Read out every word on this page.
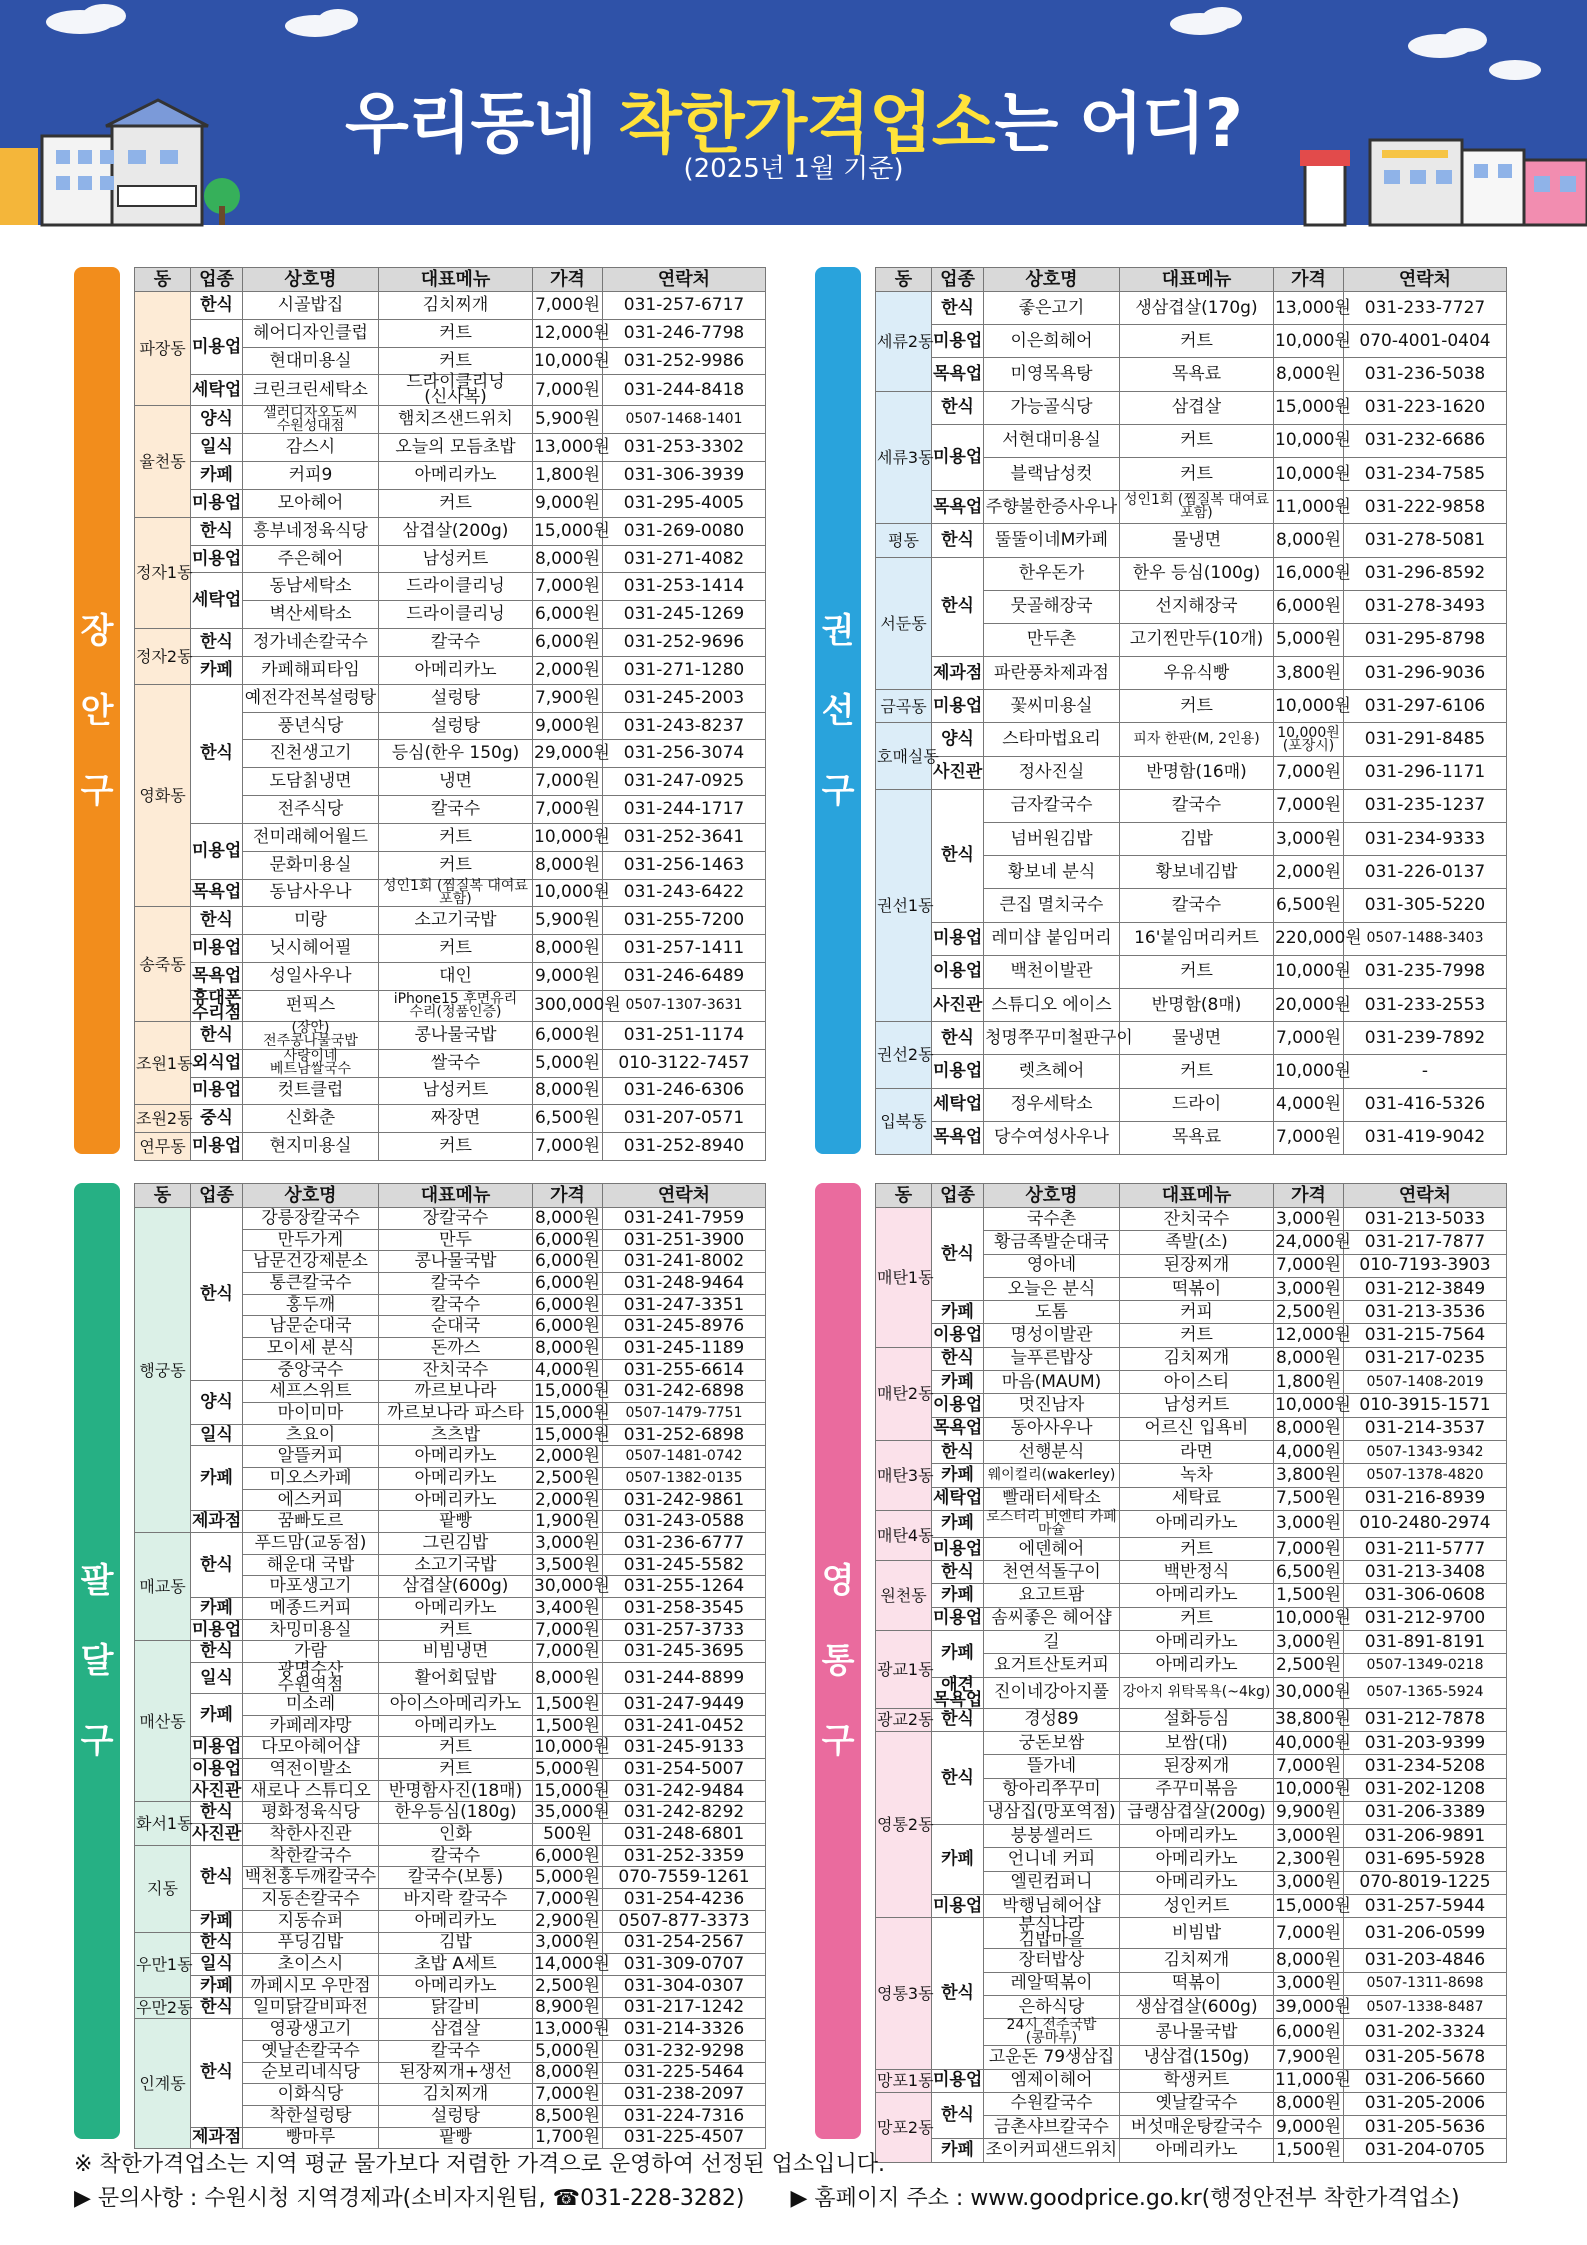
우리동네 착한가격업소는 어디?
(2025년 1월 기준)
장
안
구
동	업종	상호명	대표메뉴	가격	연락처
파장동	한식	시골밥집	김치찌개	7,000원	031-257-6717
	미용업	헤어디자인클럽	커트	12,000원	031-246-7798
		현대미용실	커트	10,000원	031-252-9986
	세탁업	크린크린세탁소	드라이클리닝(신사복)	7,000원	031-244-8418
율천동	양식	샐러디자오도씨 수원성대점	햄치즈샌드위치	5,900원	0507-1468-1401
	일식	감스시	오늘의 모듬초밥	13,000원	031-253-3302
	카페	커피9	아메리카노	1,800원	031-306-3939
	미용업	모아헤어	커트	9,000원	031-295-4005
정자1동	한식	흥부네정육식당	삼겹살(200g)	15,000원	031-269-0080
	미용업	주은헤어	남성커트	8,000원	031-271-4082
	세탁업	동남세탁소	드라이클리닝	7,000원	031-253-1414
		벽산세탁소	드라이클리닝	6,000원	031-245-1269
정자2동	한식	정가네손칼국수	칼국수	6,000원	031-252-9696
	카페	카페해피타임	아메리카노	2,000원	031-271-1280
영화동	한식	예전각전복설렁탕	설렁탕	7,900원	031-245-2003
		풍년식당	설렁탕	9,000원	031-243-8237
		진천생고기	등심(한우 150g)	29,000원	031-256-3074
		도담칡냉면	냉면	7,000원	031-247-0925
		전주식당	칼국수	7,000원	031-244-1717
	미용업	전미래헤어월드	커트	10,000원	031-252-3641
		문화미용실	커트	8,000원	031-256-1463
	목욕업	동남사우나	성인1회 (찜질복 대여료 포함)	10,000원	031-243-6422
송죽동	한식	미랑	소고기국밥	5,900원	031-255-7200
	미용업	닛시헤어필	커트	8,000원	031-257-1411
	목욕업	성일사우나	대인	9,000원	031-246-6489
	휴대폰 수리점	펀픽스	iPhone15 후면유리 수리(정품인증)	300,000원	0507-1307-3631
조원1동	한식	(장안) 전주콩나물국밥	콩나물국밥	6,000원	031-251-1174
	외식업	사랑이네 베트남쌀국수	쌀국수	5,000원	010-3122-7457
	미용업	컷트클럽	남성커트	8,000원	031-246-6306
조원2동	중식	신화춘	짜장면	6,500원	031-207-0571
연무동	미용업	현지미용실	커트	7,000원	031-252-8940
권
선
구
동	업종	상호명	대표메뉴	가격	연락처
세류2동	한식	좋은고기	생삼겹살(170g)	13,000원	031-233-7727
	미용업	이은희헤어	커트	10,000원	070-4001-0404
	목욕업	미영목욕탕	목욕료	8,000원	031-236-5038
세류3동	한식	가능골식당	삼겹살	15,000원	031-223-1620
	미용업	서현대미용실	커트	10,000원	031-232-6686
		블랙남성컷	커트	10,000원	031-234-7585
	목욕업	주향불한증사우나	성인1회 (찜질복 대여료 포함)	11,000원	031-222-9858
평동	한식	뚤뚤이네M카페	물냉면	8,000원	031-278-5081
서둔동	한식	한우돈가	한우 등심(100g)	16,000원	031-296-8592
		뭇골해장국	선지해장국	6,000원	031-278-3493
		만두촌	고기찐만두(10개)	5,000원	031-295-8798
	제과점	파란풍차제과점	우유식빵	3,800원	031-296-9036
금곡동	미용업	꽃씨미용실	커트	10,000원	031-297-6106
호매실동	양식	스타마법요리	피자 한판(M, 2인용)	10,000원 (포장시)	031-291-8485
	사진관	정사진실	반명함(16매)	7,000원	031-296-1171
권선1동	한식	금자칼국수	칼국수	7,000원	031-235-1237
		넘버원김밥	김밥	3,000원	031-234-9333
		황보네 분식	황보네김밥	2,000원	031-226-0137
		큰집 멸치국수	칼국수	6,500원	031-305-5220
	미용업	레미샵 붙임머리	16'붙임머리커트	220,000원	0507-1488-3403
	이용업	백천이발관	커트	10,000원	031-235-7998
	사진관	스튜디오 에이스	반명함(8매)	20,000원	031-233-2553
권선2동	한식	청명쭈꾸미철판구이	물냉면	7,000원	031-239-7892
	미용업	렛츠헤어	커트	10,000원	-
입북동	세탁업	정우세탁소	드라이	4,000원	031-416-5326
	목욕업	당수여성사우나	목욕료	7,000원	031-419-9042
팔
달
구
동	업종	상호명	대표메뉴	가격	연락처
행궁동	한식	강릉장칼국수	장칼국수	8,000원	031-241-7959
		만두가게	만두	6,000원	031-251-3900
		남문건강제분소	콩나물국밥	6,000원	031-241-8002
		통큰칼국수	칼국수	6,000원	031-248-9464
		홍두깨	칼국수	6,000원	031-247-3351
		남문순대국	순대국	6,000원	031-245-8976
		모이세 분식	돈까스	8,000원	031-245-1189
		중앙국수	잔치국수	4,000원	031-255-6614
	양식	세프스위트	까르보나라	15,000원	031-242-6898
		마이미마	까르보나라 파스타	15,000원	0507-1479-7751
	일식	츠요이	츠츠밥	15,000원	031-252-6898
	카페	알뜰커피	아메리카노	2,000원	0507-1481-0742
		미오스카페	아메리카노	2,500원	0507-1382-0135
		에스커피	아메리카노	2,000원	031-242-9861
	제과점	꿈빠도르	팥빵	1,900원	031-243-0588
매교동	한식	푸드맘(교동점)	그린김밥	3,000원	031-236-6777
		해운대 국밥	소고기국밥	3,500원	031-245-5582
		마포생고기	삼겹살(600g)	30,000원	031-255-1264
	카페	메종드커피	아메리카노	3,400원	031-258-3545
	미용업	차밍미용실	커트	7,000원	031-257-3733
매산동	한식	가람	비빔냉면	7,000원	031-245-3695
	일식	광명수산 수원역점	활어회덮밥	8,000원	031-244-8899
	카페	미소레	아이스아메리카노	1,500원	031-247-9449
		카페레쟈망	아메리카노	1,500원	031-241-0452
	미용업	다모아헤어샵	커트	10,000원	031-245-9133
	이용업	역전이발소	커트	5,000원	031-254-5007
	사진관	새로나 스튜디오	반명함사진(18매)	15,000원	031-242-9484
화서1동	한식	평화정육식당	한우등심(180g)	35,000원	031-242-8292
	사진관	착한사진관	인화	500원	031-248-6801
지동	한식	착한칼국수	칼국수	6,000원	031-252-3359
		백천홍두깨칼국수	칼국수(보통)	5,000원	070-7559-1261
		지동손칼국수	바지락 칼국수	7,000원	031-254-4236
	카페	지동슈퍼	아메리카노	2,900원	0507-877-3373
우만1동	한식	푸딩김밥	김밥	3,000원	031-254-2567
	일식	초이스시	초밥 A세트	14,000원	031-309-0707
	카페	까페시모 우만점	아메리카노	2,500원	031-304-0307
우만2동	한식	일미닭갈비파전	닭갈비	8,900원	031-217-1242
인계동	한식	영광생고기	삼겹살	13,000원	031-214-3326
		옛날손칼국수	칼국수	5,000원	031-232-9298
		순보리네식당	된장찌개+생선	8,000원	031-225-5464
		이화식당	김치찌개	7,000원	031-238-2097
		착한설렁탕	설렁탕	8,500원	031-224-7316
	제과점	빵마루	팥빵	1,700원	031-225-4507
영
통
구
동	업종	상호명	대표메뉴	가격	연락처
매탄1동	한식	국수촌	잔치국수	3,000원	031-213-5033
		황금족발순대국	족발(소)	24,000원	031-217-7877
		영아네	된장찌개	7,000원	010-7193-3903
		오늘은 분식	떡볶이	3,000원	031-212-3849
	카페	도톰	커피	2,500원	031-213-3536
	이용업	명성이발관	커트	12,000원	031-215-7564
매탄2동	한식	늘푸른밥상	김치찌개	8,000원	031-217-0235
	카페	마음(MAUM)	아이스티	1,800원	0507-1408-2019
	이용업	멋진남자	남성커트	10,000원	010-3915-1571
	목욕업	동아사우나	어르신 입욕비	8,000원	031-214-3537
매탄3동	한식	선행분식	라면	4,000원	0507-1343-9342
	카페	웨이컬리(wakerley)	녹차	3,800원	0507-1378-4820
	세탁업	빨래터세탁소	세탁료	7,500원	031-216-8939
매탄4동	카페	로스터리 비엔티 카페 마슐	아메리카노	3,000원	010-2480-2974
	미용업	에덴헤어	커트	7,000원	031-211-5777
원천동	한식	천연석돌구이	백반정식	6,500원	031-213-3408
	카페	요고트팜	아메리카노	1,500원	031-306-0608
	미용업	솜씨좋은 헤어샵	커트	10,000원	031-212-9700
광교1동	카페	길	아메리카노	3,000원	031-891-8191
		요거트산토커피	아메리카노	2,500원	0507-1349-0218
	애견 목욕업	진이네강아지풀	강아지 위탁목욕(~4kg)	30,000원	0507-1365-5924
광교2동	한식	경성89	설화등심	38,800원	031-212-7878
영통2동	한식	궁돈보쌈	보쌈(대)	40,000원	031-203-9399
		뜰가네	된장찌개	7,000원	031-234-5208
		항아리쭈꾸미	주꾸미볶음	10,000원	031-202-1208
		냉삼집(망포역점)	급랭삼겹살(200g)	9,900원	031-206-3389
	카페	붕붕셀러드	아메리카노	3,000원	031-206-9891
		언니네 커피	아메리카노	2,300원	031-695-5928
		엘린컴퍼니	아메리카노	3,000원	070-8019-1225
	미용업	박행님헤어샵	성인커트	15,000원	031-257-5944
영통3동	한식	분식나라 김밥마을	비빔밥	7,000원	031-206-0599
		장터밥상	김치찌개	8,000원	031-203-4846
		레알떡볶이	떡볶이	3,000원	0507-1311-8698
		은하식당	생삼겹살(600g)	39,000원	0507-1338-8487
		24시 전주국밥(콩마루)	콩나물국밥	6,000원	031-202-3324
		고운돈 79생삼집	냉삼겹(150g)	7,900원	031-205-5678
망포1동	미용업	엠제이헤어	학생커트	11,000원	031-206-5660
망포2동	한식	수원칼국수	옛날칼국수	8,000원	031-205-2006
		금촌샤브칼국수	버섯매운탕칼국수	9,000원	031-205-5636
	카페	조이커피샌드위치	아메리카노	1,500원	031-204-0705
※ 착한가격업소는 지역 평균 물가보다 저렴한 가격으로 운영하여 선정된 업소입니다.
▶ 문의사항 : 수원시청 지역경제과(소비자지원팀, ☎031-228-3282) ▶ 홈페이지 주소 : www.goodprice.go.kr(행정안전부 착한가격업소)
